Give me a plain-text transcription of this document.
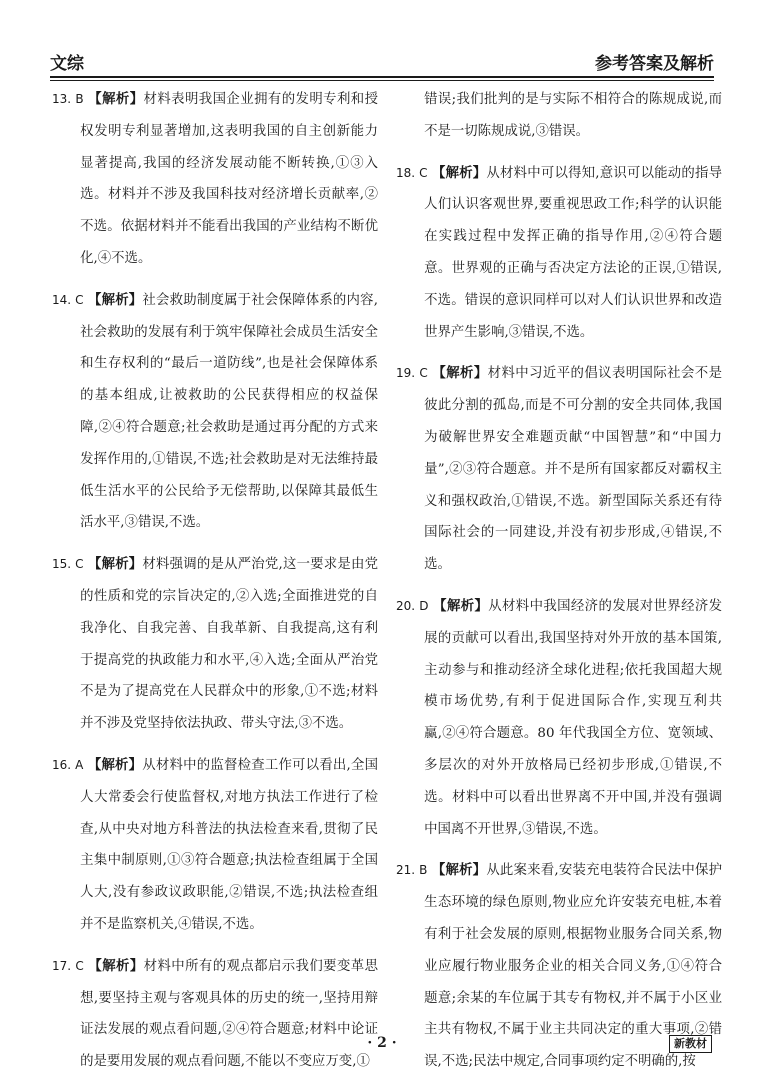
文综	参考答案及解析

13. B 【解析】材料表明我国企业拥有的发明专利和授权发明专利显著增加,这表明我国的自主创新能力显著提高,我国的经济发展动能不断转换,①③入选。材料并不涉及我国科技对经济增长贡献率,②不选。依据材料并不能看出我国的产业结构不断优化,④不选。

14. C 【解析】社会救助制度属于社会保障体系的内容,社会救助的发展有利于筑牢保障社会成员生活安全和生存权利的“最后一道防线”,也是社会保障体系的基本组成,让被救助的公民获得相应的权益保障,②④符合题意;社会救助是通过再分配的方式来发挥作用的,①错误,不选;社会救助是对无法维持最低生活水平的公民给予无偿帮助,以保障其最低生活水平,③错误,不选。

15. C 【解析】材料强调的是从严治党,这一要求是由党的性质和党的宗旨决定的,②入选;全面推进党的自我净化、自我完善、自我革新、自我提高,这有利于提高党的执政能力和水平,④入选;全面从严治党不是为了提高党在人民群众中的形象,①不选;材料并不涉及党坚持依法执政、带头守法,③不选。

16. A 【解析】从材料中的监督检查工作可以看出,全国人大常委会行使监督权,对地方执法工作进行了检查,从中央对地方科普法的执法检查来看,贯彻了民主集中制原则,①③符合题意;执法检查组属于全国人大,没有参政议政职能,②错误,不选;执法检查组并不是监察机关,④错误,不选。

17. C 【解析】材料中所有的观点都启示我们要变革思想,要坚持主观与客观具体的历史的统一,坚持用辩证法发展的观点看问题,②④符合题意;材料中论证的是要用发展的观点看问题,不能以不变应万变,①

错误;我们批判的是与实际不相符合的陈规成说,而不是一切陈规成说,③错误。

18. C 【解析】从材料中可以得知,意识可以能动的指导人们认识客观世界,要重视思政工作;科学的认识能在实践过程中发挥正确的指导作用,②④符合题意。世界观的正确与否决定方法论的正误,①错误,不选。错误的意识同样可以对人们认识世界和改造世界产生影响,③错误,不选。

19. C 【解析】材料中习近平的倡议表明国际社会不是彼此分割的孤岛,而是不可分割的安全共同体,我国为破解世界安全难题贡献“中国智慧”和“中国力量”,②③符合题意。并不是所有国家都反对霸权主义和强权政治,①错误,不选。新型国际关系还有待国际社会的一同建设,并没有初步形成,④错误,不选。

20. D 【解析】从材料中我国经济的发展对世界经济发展的贡献可以看出,我国坚持对外开放的基本国策,主动参与和推动经济全球化进程;依托我国超大规模市场优势,有利于促进国际合作,实现互利共赢,②④符合题意。80 年代我国全方位、宽领域、多层次的对外开放格局已经初步形成,①错误,不选。材料中可以看出世界离不开中国,并没有强调中国离不开世界,③错误,不选。

21. B 【解析】从此案来看,安装充电装符合民法中保护生态环境的绿色原则,物业应允许安装充电桩,本着有利于社会发展的原则,根据物业服务合同关系,物业应履行物业服务企业的相关合同义务,①④符合题意;余某的车位属于其专有物权,并不属于小区业主共有物权,不属于业主共同决定的重大事项,②错误,不选;民法中规定,合同事项约定不明确的,按

· 2 ·	新教材
